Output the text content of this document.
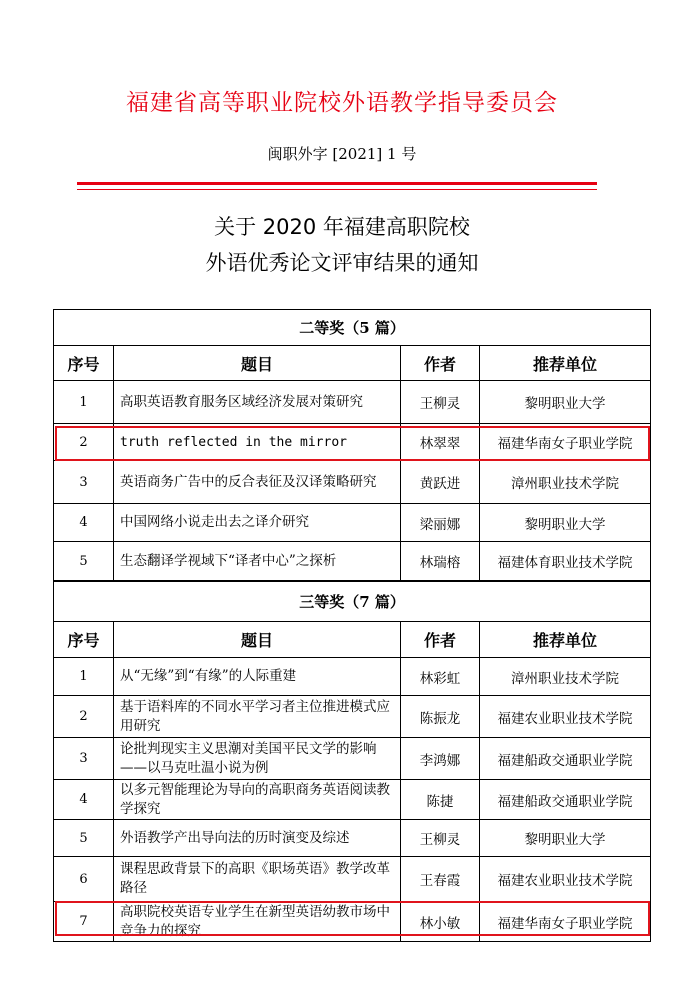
福建省高等职业院校外语教学指导委员会
闽职外字 [2021] 1 号
关于 2020 年福建高职院校
外语优秀论文评审结果的通知
二等奖（5 篇）			
序号	题目	作者	推荐单位
1	高职英语教育服务区域经济发展对策研究	王柳灵	黎明职业大学
2	truth reflected in the mirror	林翠翠	福建华南女子职业学院
3	英语商务广告中的反合表征及汉译策略研究	黄跃进	漳州职业技术学院
4	中国网络小说走出去之译介研究	梁丽娜	黎明职业大学
5	生态翻译学视域下“译者中心”之探析	林瑞榕	福建体育职业技术学院
三等奖（7 篇）			
序号	题目	作者	推荐单位
1	从“无缘”到“有缘”的人际重建	林彩虹	漳州职业技术学院
2	基于语料库的不同水平学习者主位推进模式应用研究	陈振龙	福建农业职业技术学院
3	论批判现实主义思潮对美国平民文学的影响——以马克吐温小说为例	李鸿娜	福建船政交通职业学院
4	以多元智能理论为导向的高职商务英语阅读教学探究	陈捷	福建船政交通职业学院
5	外语教学产出导向法的历时演变及综述	王柳灵	黎明职业大学
6	课程思政背景下的高职《职场英语》教学改革路径	王春霞	福建农业职业技术学院
7	高职院校英语专业学生在新型英语幼教市场中竞争力的探究	林小敏	福建华南女子职业学院
